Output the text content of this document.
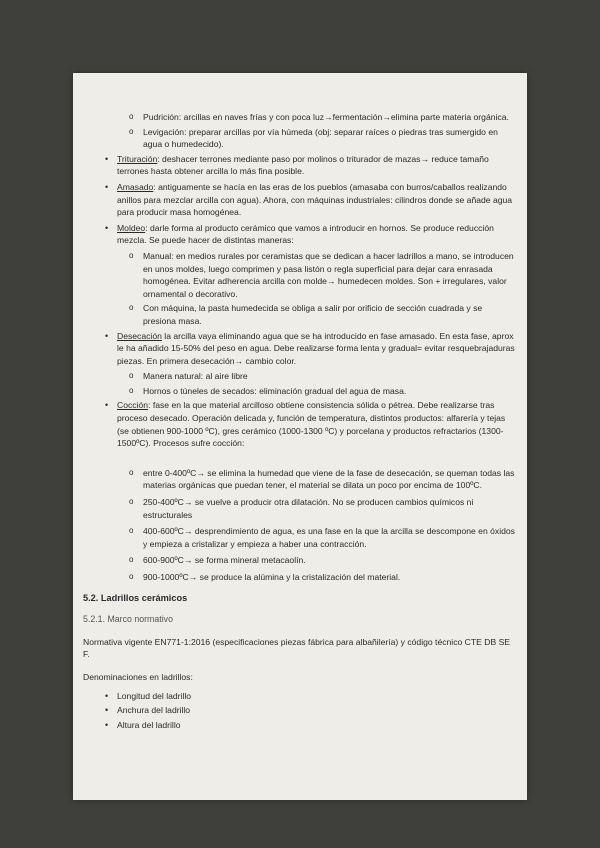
o Pudrición: arcillas en naves frías y con poca luz→fermentación→elimina parte materia orgánica.
o Levigación: preparar arcillas por vía húmeda (obj: separar raíces o piedras tras sumergido en agua o humedecido).
• Trituración: deshacer terrones mediante paso por molinos o triturador de mazas→ reduce tamaño terrones hasta obtener arcilla lo más fina posible.
• Amasado: antiguamente se hacía en las eras de los pueblos (amasaba con burros/caballos realizando anillos para mezclar arcilla con agua). Ahora, con máquinas industriales: cilindros donde se añade agua para producir masa homogénea.
• Moldeo: darle forma al producto cerámico que vamos a introducir en hornos. Se produce reducción mezcla. Se puede hacer de distintas maneras:
o Manual: en medios rurales por ceramistas que se dedican a hacer ladrillos a mano, se introducen en unos moldes, luego comprimen y pasa listón o regla superficial para dejar cara enrasada homogénea. Evitar adherencia arcilla con molde→ humedecen moldes. Son + irregulares, valor ornamental o decorativo.
o Con máquina, la pasta humedecida se obliga a salir por orificio de sección cuadrada y se presiona masa.
• Desecación la arcilla vaya eliminando agua que se ha introducido en fase amasado. En esta fase, aprox le ha añadido 15-50% del peso en agua. Debe realizarse forma lenta y gradual= evitar resquebrajaduras piezas. En primera desecación→ cambio color.
o Manera natural: al aire libre
o Hornos o túneles de secados: eliminación gradual del agua de masa.
• Cocción: fase en la que material arcilloso obtiene consistencia sólida o pétrea. Debe realizarse tras proceso desecado. Operación delicada y, función de temperatura, distintos productos: alfarería y tejas (se obtienen 900-1000 ºC), gres cerámico (1000-1300 ºC) y porcelana y productos refractarios (1300-1500ºC). Procesos sufre cocción:
o entre 0-400ºC→ se elimina la humedad que viene de la fase de desecación, se queman todas las materias orgánicas que puedan tener, el material se dilata un poco por encima de 100ºC.
o 250-400ºC→ se vuelve a producir otra dilatación. No se producen cambios químicos ni estructurales
o 400-600ºC→ desprendimiento de agua, es una fase en la que la arcilla se descompone en óxidos y empieza a cristalizar y empieza a haber una contracción.
o 600-900ºC→ se forma mineral metacaolín.
o 900-1000ºC→ se produce la alúmina y la cristalización del material.
5.2. Ladrillos cerámicos
5.2.1. Marco normativo
Normativa vigente EN771-1:2016 (especificaciones piezas fábrica para albañilería) y código técnico CTE DB SE F.
Denominaciones en ladrillos:
• Longitud del ladrillo
• Anchura del ladrillo
• Altura del ladrillo
